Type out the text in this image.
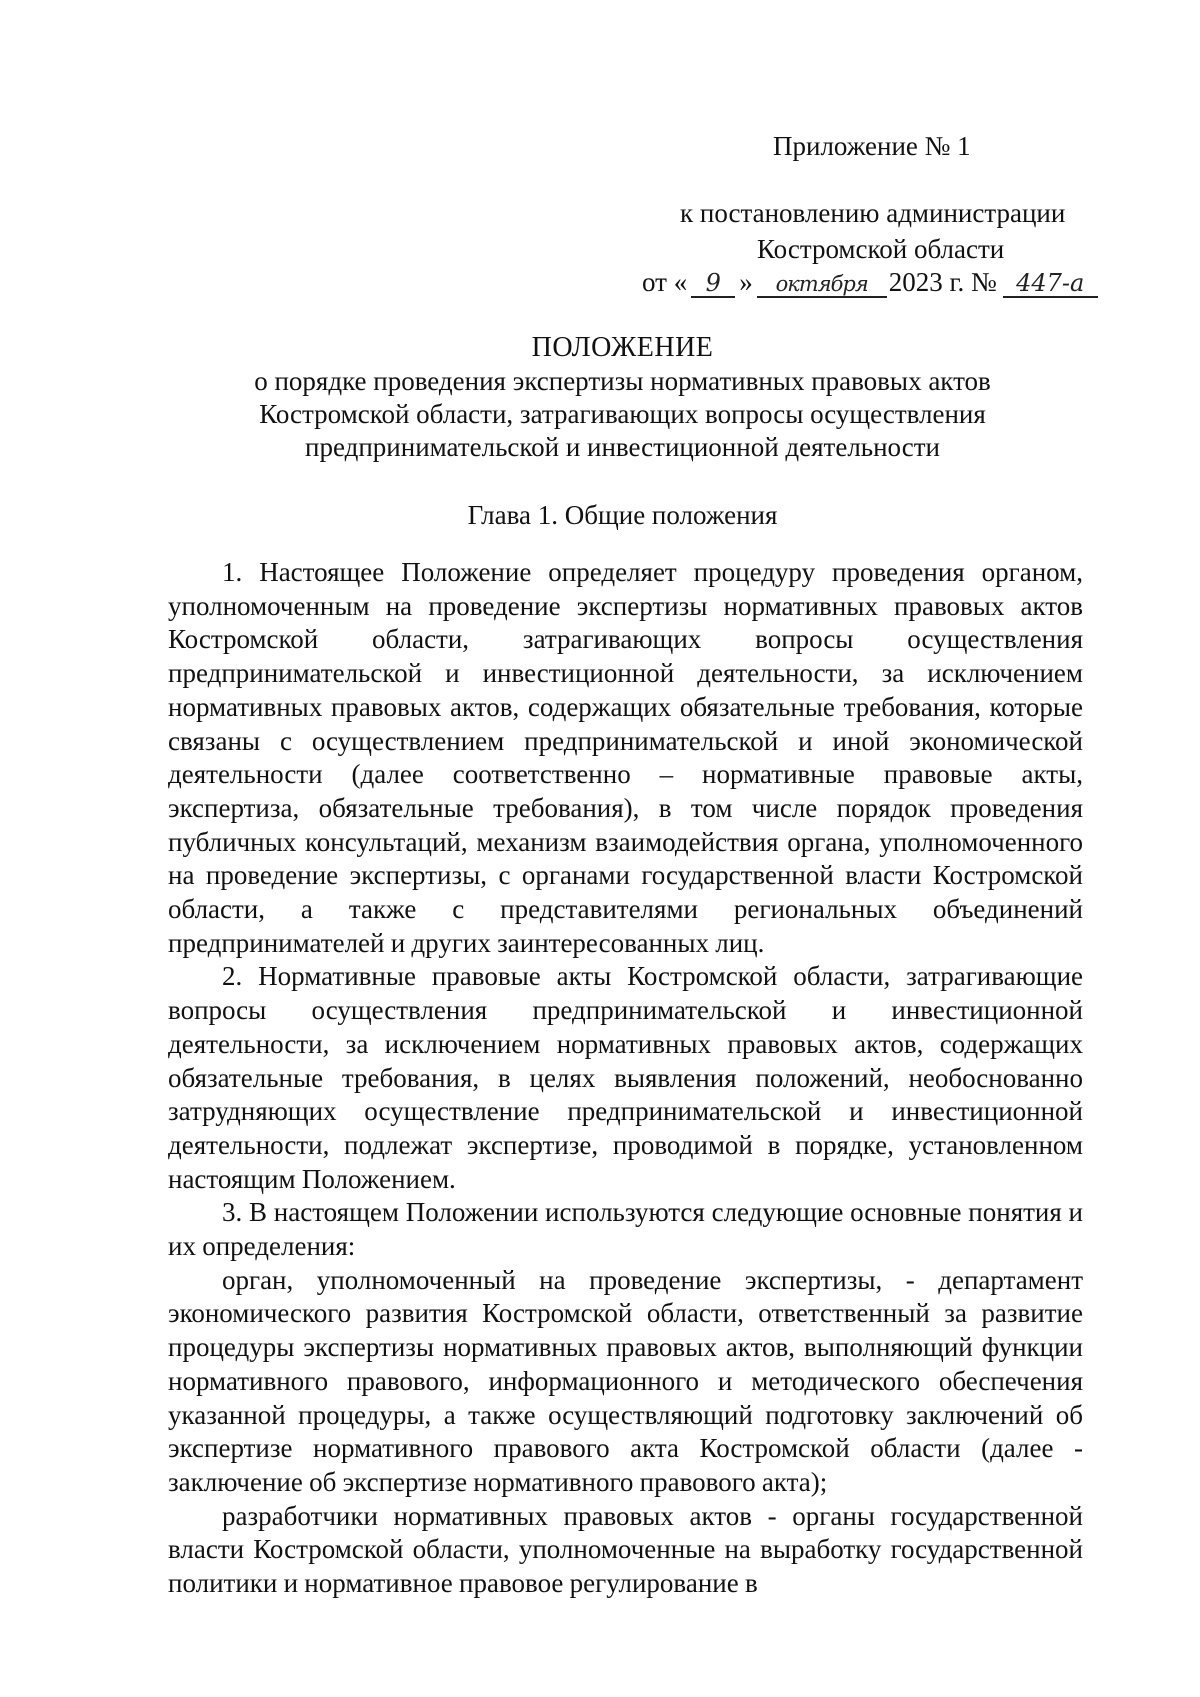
Приложение № 1
к постановлению администрации
Костромской области
от « 9 »	октября 2023 г. № 447-а
ПОЛОЖЕНИЕ
о порядке проведения экспертизы нормативных правовых актов
Костромской области, затрагивающих вопросы осуществления
предпринимательской и инвестиционной деятельности
Глава 1. Общие положения

1. Настоящее Положение определяет процедуру проведения органом, уполномоченным на проведение экспертизы нормативных правовых актов Костромской области, затрагивающих вопросы осуществления предпринимательской и инвестиционной деятельности, за исключением нормативных правовых актов, содержащих обязательные требования, которые связаны с осуществлением предпринимательской и иной экономической деятельности (далее соответственно – нормативные правовые акты, экспертиза, обязательные требования), в том числе порядок проведения публичных консультаций, механизм взаимодействия органа, уполномоченного на проведение экспертизы, с органами государственной власти Костромской области, а также с представителями региональных объединений предпринимателей и других заинтересованных лиц.

2. Нормативные правовые акты Костромской области, затрагивающие вопросы осуществления предпринимательской и инвестиционной деятельности, за исключением нормативных правовых актов, содержащих обязательные требования, в целях выявления положений, необоснованно затрудняющих осуществление предпринимательской и инвестиционной деятельности, подлежат экспертизе, проводимой в порядке, установленном настоящим Положением.

3. В настоящем Положении используются следующие основные понятия и их определения:

орган, уполномоченный на проведение экспертизы, - департамент экономического развития Костромской области, ответственный за развитие процедуры экспертизы нормативных правовых актов, выполняющий функции нормативного правового, информационного и методического обеспечения указанной процедуры, а также осуществляющий подготовку заключений об экспертизе нормативного правового акта Костромской области (далее - заключение об экспертизе нормативного правового акта);

разработчики нормативных правовых актов - органы государственной власти Костромской области, уполномоченные на выработку государственной политики и нормативное правовое регулирование в
